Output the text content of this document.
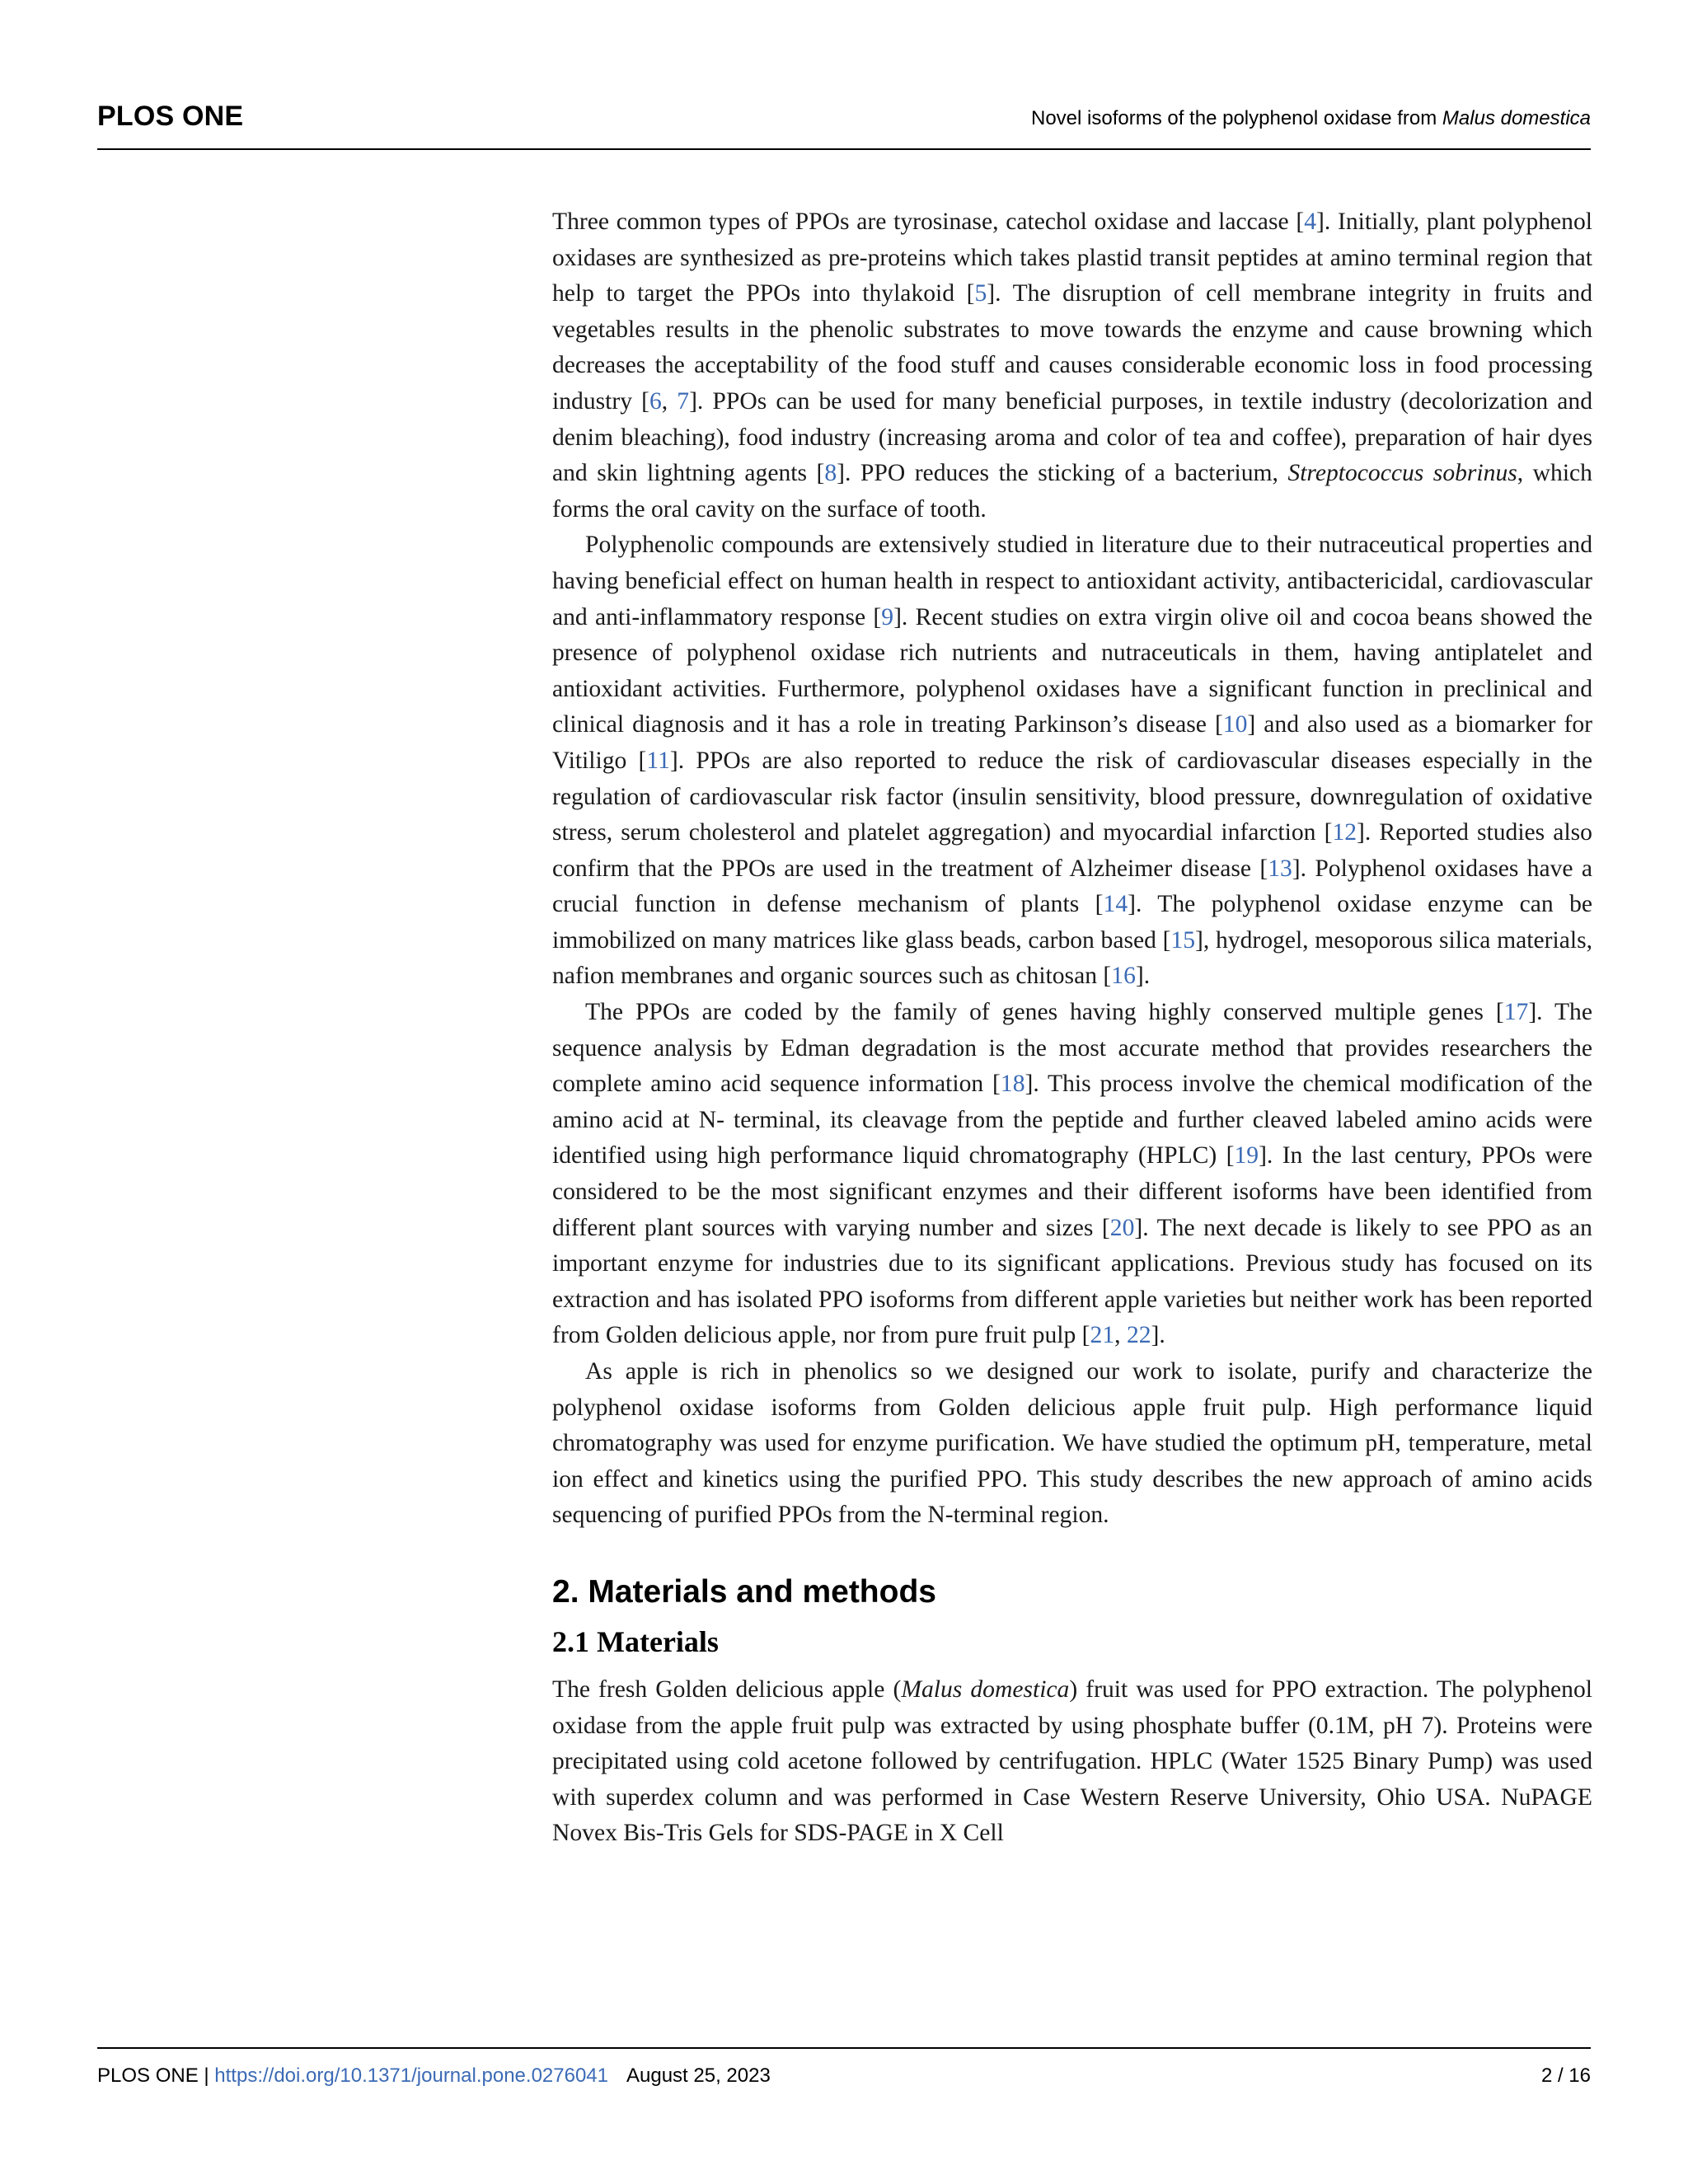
PLOS ONE	Novel isoforms of the polyphenol oxidase from Malus domestica

Three common types of PPOs are tyrosinase, catechol oxidase and laccase [4]. Initially, plant polyphenol oxidases are synthesized as pre-proteins which takes plastid transit peptides at amino terminal region that help to target the PPOs into thylakoid [5]. The disruption of cell membrane integrity in fruits and vegetables results in the phenolic substrates to move towards the enzyme and cause browning which decreases the acceptability of the food stuff and causes considerable economic loss in food processing industry [6, 7]. PPOs can be used for many beneficial purposes, in textile industry (decolorization and denim bleaching), food industry (increasing aroma and color of tea and coffee), preparation of hair dyes and skin lightning agents [8]. PPO reduces the sticking of a bacterium, Streptococcus sobrinus, which forms the oral cavity on the surface of tooth.

Polyphenolic compounds are extensively studied in literature due to their nutraceutical properties and having beneficial effect on human health in respect to antioxidant activity, antibactericidal, cardiovascular and anti-inflammatory response [9]. Recent studies on extra virgin olive oil and cocoa beans showed the presence of polyphenol oxidase rich nutrients and nutraceuticals in them, having antiplatelet and antioxidant activities. Furthermore, polyphenol oxidases have a significant function in preclinical and clinical diagnosis and it has a role in treating Parkinson’s disease [10] and also used as a biomarker for Vitiligo [11]. PPOs are also reported to reduce the risk of cardiovascular diseases especially in the regulation of cardiovascular risk factor (insulin sensitivity, blood pressure, downregulation of oxidative stress, serum cholesterol and platelet aggregation) and myocardial infarction [12]. Reported studies also confirm that the PPOs are used in the treatment of Alzheimer disease [13]. Polyphenol oxidases have a crucial function in defense mechanism of plants [14]. The polyphenol oxidase enzyme can be immobilized on many matrices like glass beads, carbon based [15], hydrogel, mesoporous silica materials, nafion membranes and organic sources such as chitosan [16].

The PPOs are coded by the family of genes having highly conserved multiple genes [17]. The sequence analysis by Edman degradation is the most accurate method that provides researchers the complete amino acid sequence information [18]. This process involve the chemical modification of the amino acid at N- terminal, its cleavage from the peptide and further cleaved labeled amino acids were identified using high performance liquid chromatography (HPLC) [19]. In the last century, PPOs were considered to be the most significant enzymes and their different isoforms have been identified from different plant sources with varying number and sizes [20]. The next decade is likely to see PPO as an important enzyme for industries due to its significant applications. Previous study has focused on its extraction and has isolated PPO isoforms from different apple varieties but neither work has been reported from Golden delicious apple, nor from pure fruit pulp [21, 22].

As apple is rich in phenolics so we designed our work to isolate, purify and characterize the polyphenol oxidase isoforms from Golden delicious apple fruit pulp. High performance liquid chromatography was used for enzyme purification. We have studied the optimum pH, temperature, metal ion effect and kinetics using the purified PPO. This study describes the new approach of amino acids sequencing of purified PPOs from the N-terminal region.

2. Materials and methods
2.1 Materials

The fresh Golden delicious apple (Malus domestica) fruit was used for PPO extraction. The polyphenol oxidase from the apple fruit pulp was extracted by using phosphate buffer (0.1M, pH 7). Proteins were precipitated using cold acetone followed by centrifugation. HPLC (Water 1525 Binary Pump) was used with superdex column and was performed in Case Western Reserve University, Ohio USA. NuPAGE Novex Bis-Tris Gels for SDS-PAGE in X Cell

PLOS ONE | https://doi.org/10.1371/journal.pone.0276041 August 25, 2023	2 / 16
